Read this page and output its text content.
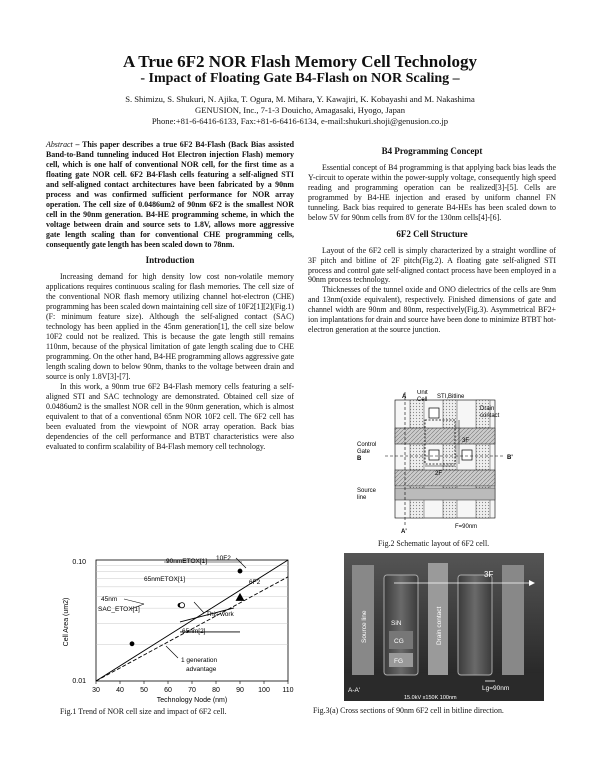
A True 6F2 NOR Flash Memory Cell Technology
- Impact of Floating Gate B4-Flash on NOR Scaling –
S. Shimizu, S. Shukuri, N. Ajika, T. Ogura, M. Mihara, Y. Kawajiri, K. Kobayashi and M. Nakashima
GENUSION, Inc., 7-1-3 Douicho, Amagasaki, Hyogo, Japan
Phone:+81-6-6416-6133, Fax:+81-6-6416-6134, e-mail:shukuri.shoji@genusion.co.jp

Abstract – This paper describes a true 6F2 B4-Flash (Back Bias assisted Band-to-Band tunneling induced Hot Electron injection Flash) memory cell, which is one half of conventional NOR cell, for the first time as a floating gate NOR cell. 6F2 B4-Flash cells featuring a self-aligned STI and self-aligned contact architectures have been fabricated by a 90nm process and was confirmed sufficient performance for NOR array operation. The cell size of 0.0486um2 of 90nm 6F2 is the smallest NOR cell in the 90nm generation. B4-HE programming scheme, in which the voltage between drain and source sets to 1.8V, allows more aggressive gate length scaling than for conventional CHE programming cells, consequently gate length has been scaled down to 78nm.

Introduction

Increasing demand for high density low cost non-volatile memory applications requires continuous scaling for flash memories. The cell size of the conventional NOR flash memory utilizing channel hot-electron (CHE) programming has been scaled down maintaining cell size of 10F2[1][2](Fig.1) (F: minimum feature size). Although the self-aligned contact (SAC) technology has been applied in the 45nm generation[1], the cell size below 10F2 could not be realized. This is because the gate length still remains 110nm, because of the physical limitation of gate length scaling due to CHE programming. On the other hand, B4-HE programming allows aggressive gate length scaling down to below 90nm, thanks to the voltage between drain and source is only 1.8V[3]-[7].

In this work, a 90nm true 6F2 B4-Flash memory cells featuring a self-aligned STI and SAC technology are demonstrated. Obtained cell size of 0.0486um2 is the smallest NOR cell in the 90nm generation, which is almost equivalent to that of a conventional 65nm NOR 10F2 cell. The 6F2 cell has been evaluated from the viewpoint of NOR array operation. Back bias dependencies of the cell performance and BTBT characteristics were also evaluated to confirm scalability of B4-Flash memory cell technology.

B4 Programming Concept

Essential concept of B4 programming is that applying back bias leads the Y-circuit to operate within the power-supply voltage, consequently high speed reading and programming operation can be realized[3]-[5]. Cells are programmed by B4-HE injection and erased by uniform channel FN tunneling. Back bias required to generate B4-HEs has been scaled down to below 5V for 90nm cells from 8V for the 130nm cells[4]-[6].

6F2 Cell Structure

Layout of the 6F2 cell is simply characterized by a straight wordline of 3F pitch and bitline of 2F pitch(Fig.2). A floating gate self-aligned STI process and control gate self-aligned contact process have been employed in a 90nm process technology.

Thicknesses of the tunnel oxide and ONO dielectrics of the cells are 9nm and 13nm(oxide equivalent), respectively. Finished dimensions of gate and channel width are 90nm and 80nm, respectively(Fig.3). Asymmetrical BF2+ ion implantations for drain and source have been done to minimize BTBT hot-electron generation at the source junction.

0.10
0.01
Cell Area (um2)
30 40 50 60 70 80 90 100 110
Technology Node (nm)
10F2
6F2
90nmETOX[1]
65nmETOX[1]
45nm
SAC_ETOX[1]
This work
65nm[2]
1 generation
advantage
Fig.1 Trend of NOR cell size and impact of 6F2 cell.
A
Unit
Cell STI,Bitline
Drain
contact
3F
Control
Gate
B	B'
2F
Source
line
A'
F=90nm
Fig.2 Schematic layout of 6F2 cell.
3F
Source line	SiN
CG
FG
Drain contact
Lg=90nm
A-A'
15.0kV x150K 100nm
Fig.3(a) Cross sections of 90nm 6F2 cell in bitline direction.
